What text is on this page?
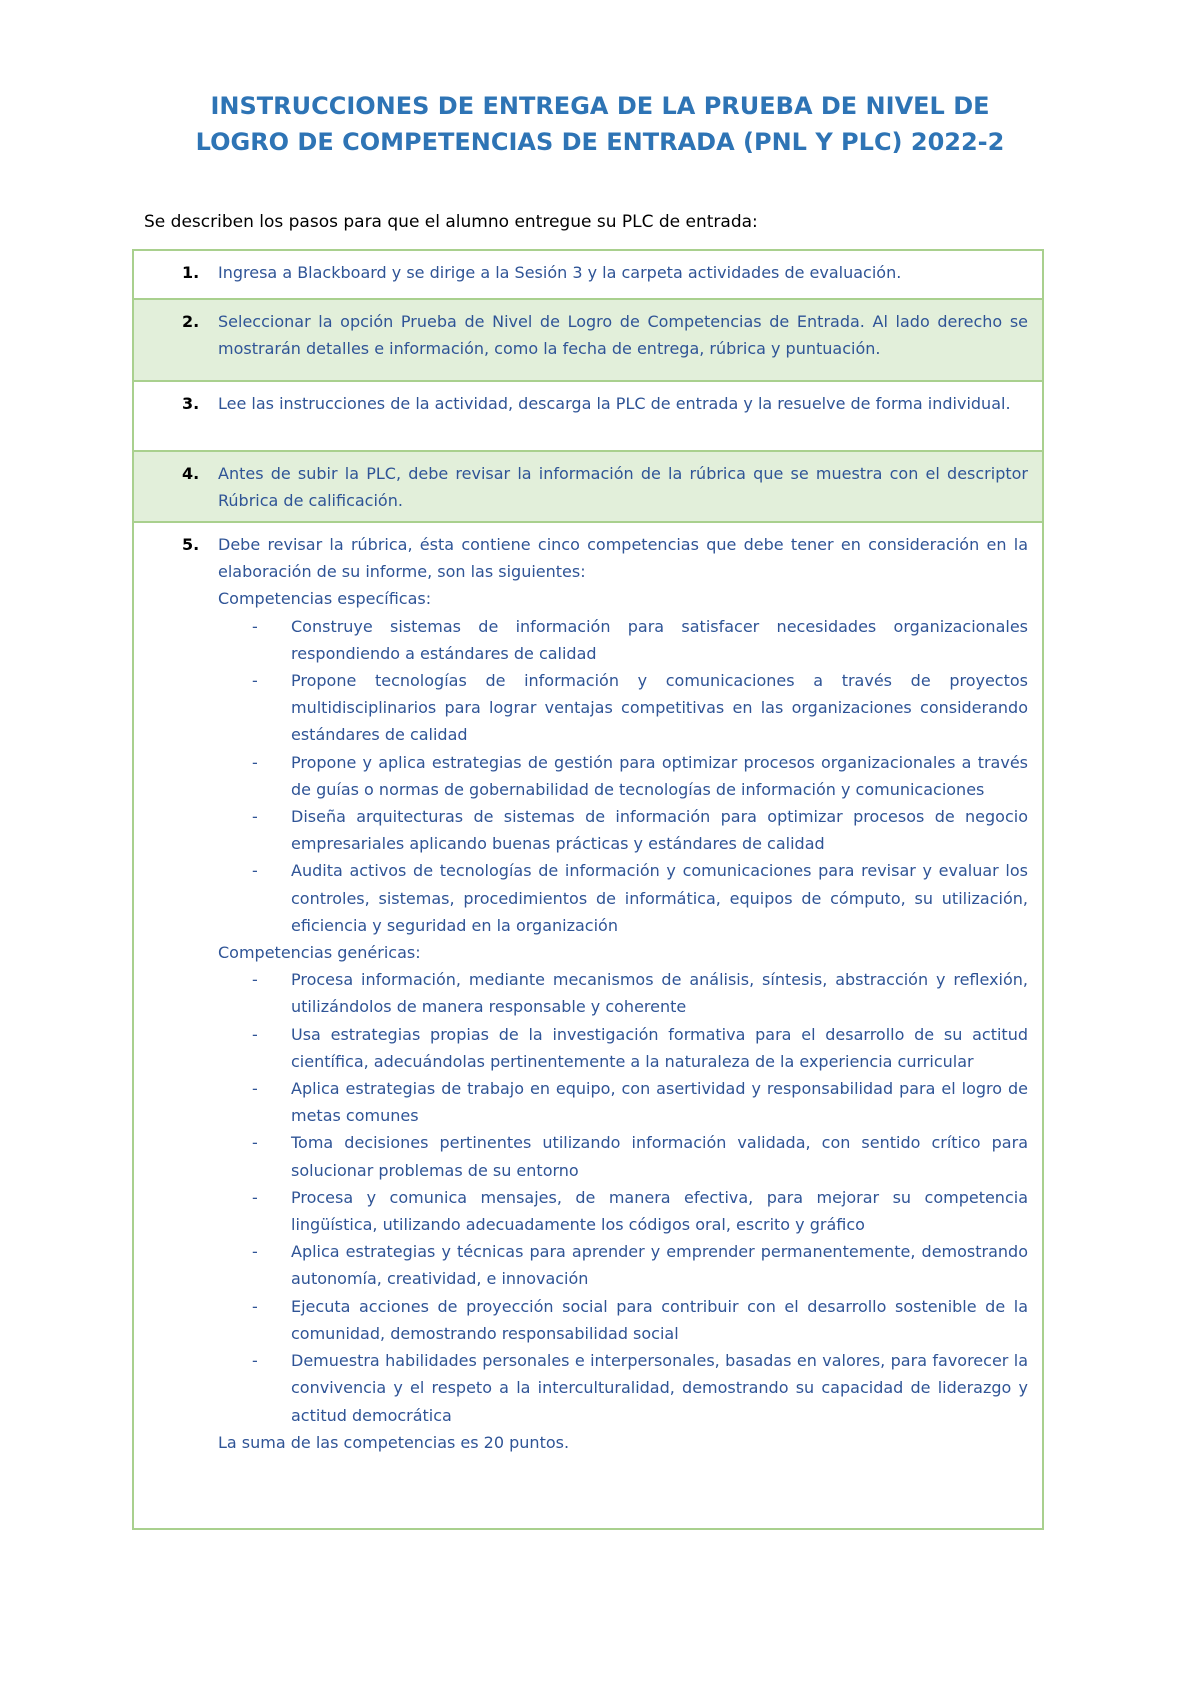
INSTRUCCIONES DE ENTREGA DE LA PRUEBA DE NIVEL DE
LOGRO DE COMPETENCIAS DE ENTRADA (PNL Y PLC) 2022-2
Se describen los pasos para que el alumno entregue su PLC de entrada:
1. Ingresa a Blackboard y se dirige a la Sesión 3 y la carpeta actividades de evaluación.
2. Seleccionar la opción Prueba de Nivel de Logro de Competencias de Entrada. Al lado derecho se mostrarán detalles e información, como la fecha de entrega, rúbrica y puntuación.
3. Lee las instrucciones de la actividad, descarga la PLC de entrada y la resuelve de forma individual.
4. Antes de subir la PLC, debe revisar la información de la rúbrica que se muestra con el descriptor Rúbrica de calificación.
5. Debe revisar la rúbrica, ésta contiene cinco competencias que debe tener en consideración en la elaboración de su informe, son las siguientes:
Competencias específicas:
- Construye sistemas de información para satisfacer necesidades organizacionales respondiendo a estándares de calidad
- Propone tecnologías de información y comunicaciones a través de proyectos multidisciplinarios para lograr ventajas competitivas en las organizaciones considerando estándares de calidad
- Propone y aplica estrategias de gestión para optimizar procesos organizacionales a través de guías o normas de gobernabilidad de tecnologías de información y comunicaciones
- Diseña arquitecturas de sistemas de información para optimizar procesos de negocio empresariales aplicando buenas prácticas y estándares de calidad
- Audita activos de tecnologías de información y comunicaciones para revisar y evaluar los controles, sistemas, procedimientos de informática, equipos de cómputo, su utilización, eficiencia y seguridad en la organización
Competencias genéricas:
- Procesa información, mediante mecanismos de análisis, síntesis, abstracción y reflexión, utilizándolos de manera responsable y coherente
- Usa estrategias propias de la investigación formativa para el desarrollo de su actitud científica, adecuándolas pertinentemente a la naturaleza de la experiencia curricular
- Aplica estrategias de trabajo en equipo, con asertividad y responsabilidad para el logro de metas comunes
- Toma decisiones pertinentes utilizando información validada, con sentido crítico para solucionar problemas de su entorno
- Procesa y comunica mensajes, de manera efectiva, para mejorar su competencia lingüística, utilizando adecuadamente los códigos oral, escrito y gráfico
- Aplica estrategias y técnicas para aprender y emprender permanentemente, demostrando autonomía, creatividad, e innovación
- Ejecuta acciones de proyección social para contribuir con el desarrollo sostenible de la comunidad, demostrando responsabilidad social
- Demuestra habilidades personales e interpersonales, basadas en valores, para favorecer la convivencia y el respeto a la interculturalidad, demostrando su capacidad de liderazgo y actitud democrática
La suma de las competencias es 20 puntos.
